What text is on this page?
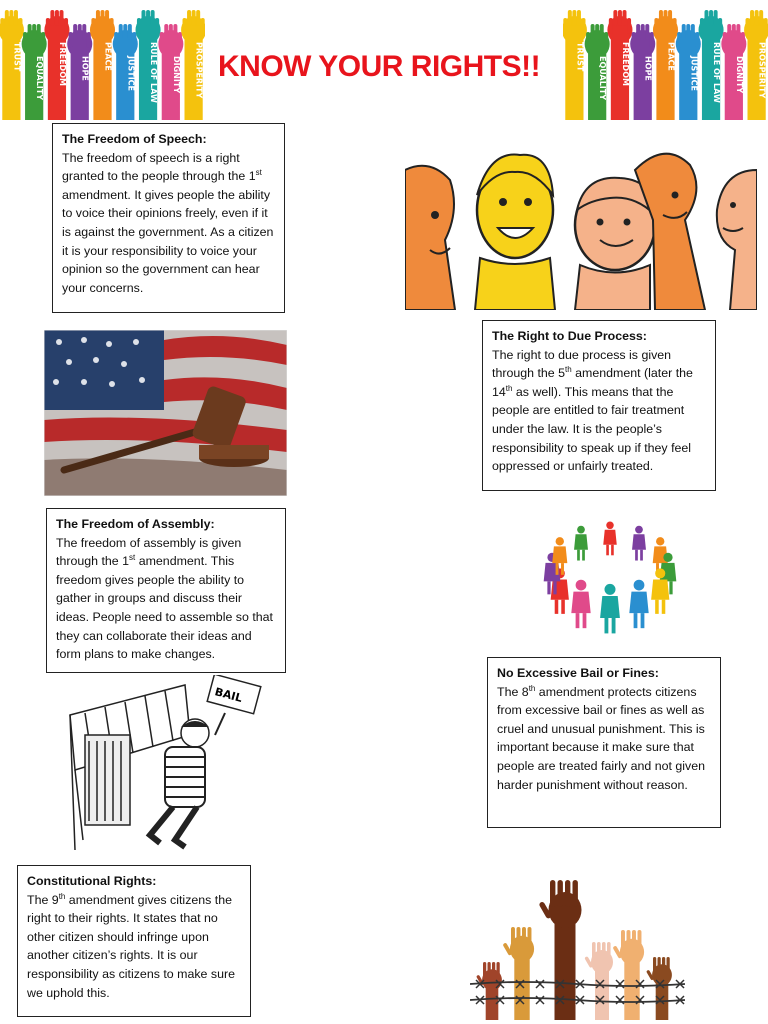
KNOW YOUR RIGHTS!!
TRUST EQUALITY FREEDOM HOPE PEACE JUSTICE RULE OF LAW DIGNITY PROSPERITY	TRUST EQUALITY FREEDOM HOPE PEACE JUSTICE RULE OF LAW DIGNITY PROSPERITY
The Freedom of Speech:

The freedom of speech is a right granted to the people through the 1st amendment. It gives people the ability to voice their opinions freely, even if it is against the government. As a citizen it is your responsibility to voice your opinion so the government can hear your concerns.

The Right to Due Process:

The right to due process is given through the 5th amendment (later the 14th as well). This means that the people are entitled to fair treatment under the law. It is the people’s responsibility to speak up if they feel oppressed or unfairly treated.

The Freedom of Assembly:

The freedom of assembly is given through the 1st amendment. This freedom gives people the ability to gather in groups and discuss their ideas. People need to assemble so that they can collaborate their ideas and form plans to make changes.

BAIL
No Excessive Bail or Fines:

The 8th amendment protects citizens from excessive bail or fines as well as cruel and unusual punishment. This is important because it make sure that people are treated fairly and not given harder punishment without reason.

Constitutional Rights:

The 9th amendment gives citizens the right to their rights. It states that no other citizen should infringe upon another citizen’s rights. It is our responsibility as citizens to make sure we uphold this.
